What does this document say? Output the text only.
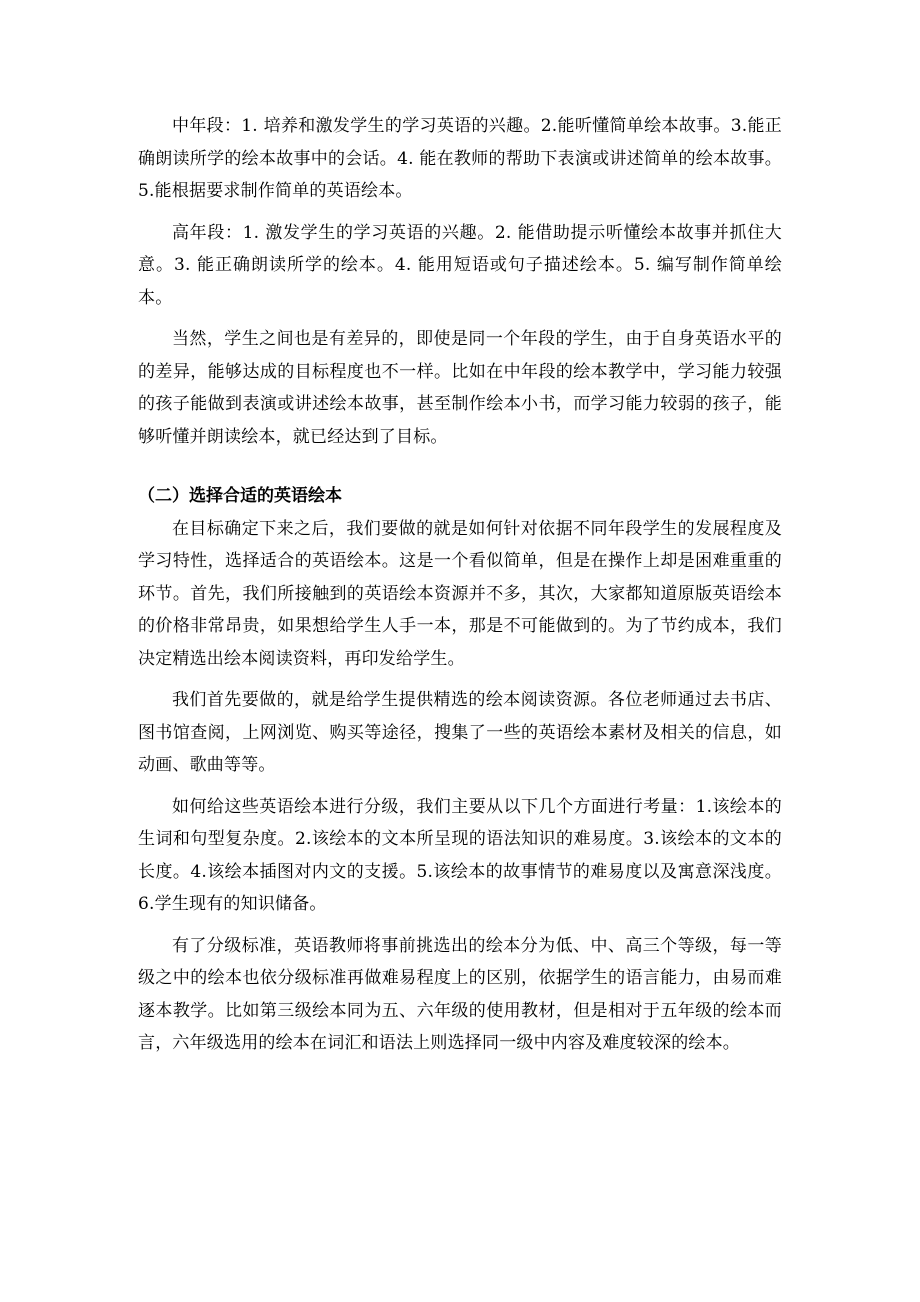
中年段：1. 培养和激发学生的学习英语的兴趣。2.能听懂简单绘本故事。3.能正确朗读所学的绘本故事中的会话。4. 能在教师的帮助下表演或讲述简单的绘本故事。5.能根据要求制作简单的英语绘本。

高年段：1. 激发学生的学习英语的兴趣。2. 能借助提示听懂绘本故事并抓住大意。3. 能正确朗读所学的绘本。4. 能用短语或句子描述绘本。5. 编写制作简单绘本。

当然，学生之间也是有差异的，即使是同一个年段的学生，由于自身英语水平的的差异，能够达成的目标程度也不一样。比如在中年段的绘本教学中，学习能力较强的孩子能做到表演或讲述绘本故事，甚至制作绘本小书，而学习能力较弱的孩子，能够听懂并朗读绘本，就已经达到了目标。

（二）选择合适的英语绘本

在目标确定下来之后，我们要做的就是如何针对依据不同年段学生的发展程度及学习特性，选择适合的英语绘本。这是一个看似简单，但是在操作上却是困难重重的环节。首先，我们所接触到的英语绘本资源并不多，其次，大家都知道原版英语绘本的价格非常昂贵，如果想给学生人手一本，那是不可能做到的。为了节约成本，我们决定精选出绘本阅读资料，再印发给学生。

我们首先要做的，就是给学生提供精选的绘本阅读资源。各位老师通过去书店、图书馆查阅，上网浏览、购买等途径，搜集了一些的英语绘本素材及相关的信息，如动画、歌曲等等。

如何给这些英语绘本进行分级，我们主要从以下几个方面进行考量：1.该绘本的生词和句型复杂度。2.该绘本的文本所呈现的语法知识的难易度。3.该绘本的文本的长度。4.该绘本插图对内文的支援。5.该绘本的故事情节的难易度以及寓意深浅度。6.学生现有的知识储备。

有了分级标准，英语教师将事前挑选出的绘本分为低、中、高三个等级，每一等级之中的绘本也依分级标准再做难易程度上的区别，依据学生的语言能力，由易而难逐本教学。比如第三级绘本同为五、六年级的使用教材，但是相对于五年级的绘本而言，六年级选用的绘本在词汇和语法上则选择同一级中内容及难度较深的绘本。
